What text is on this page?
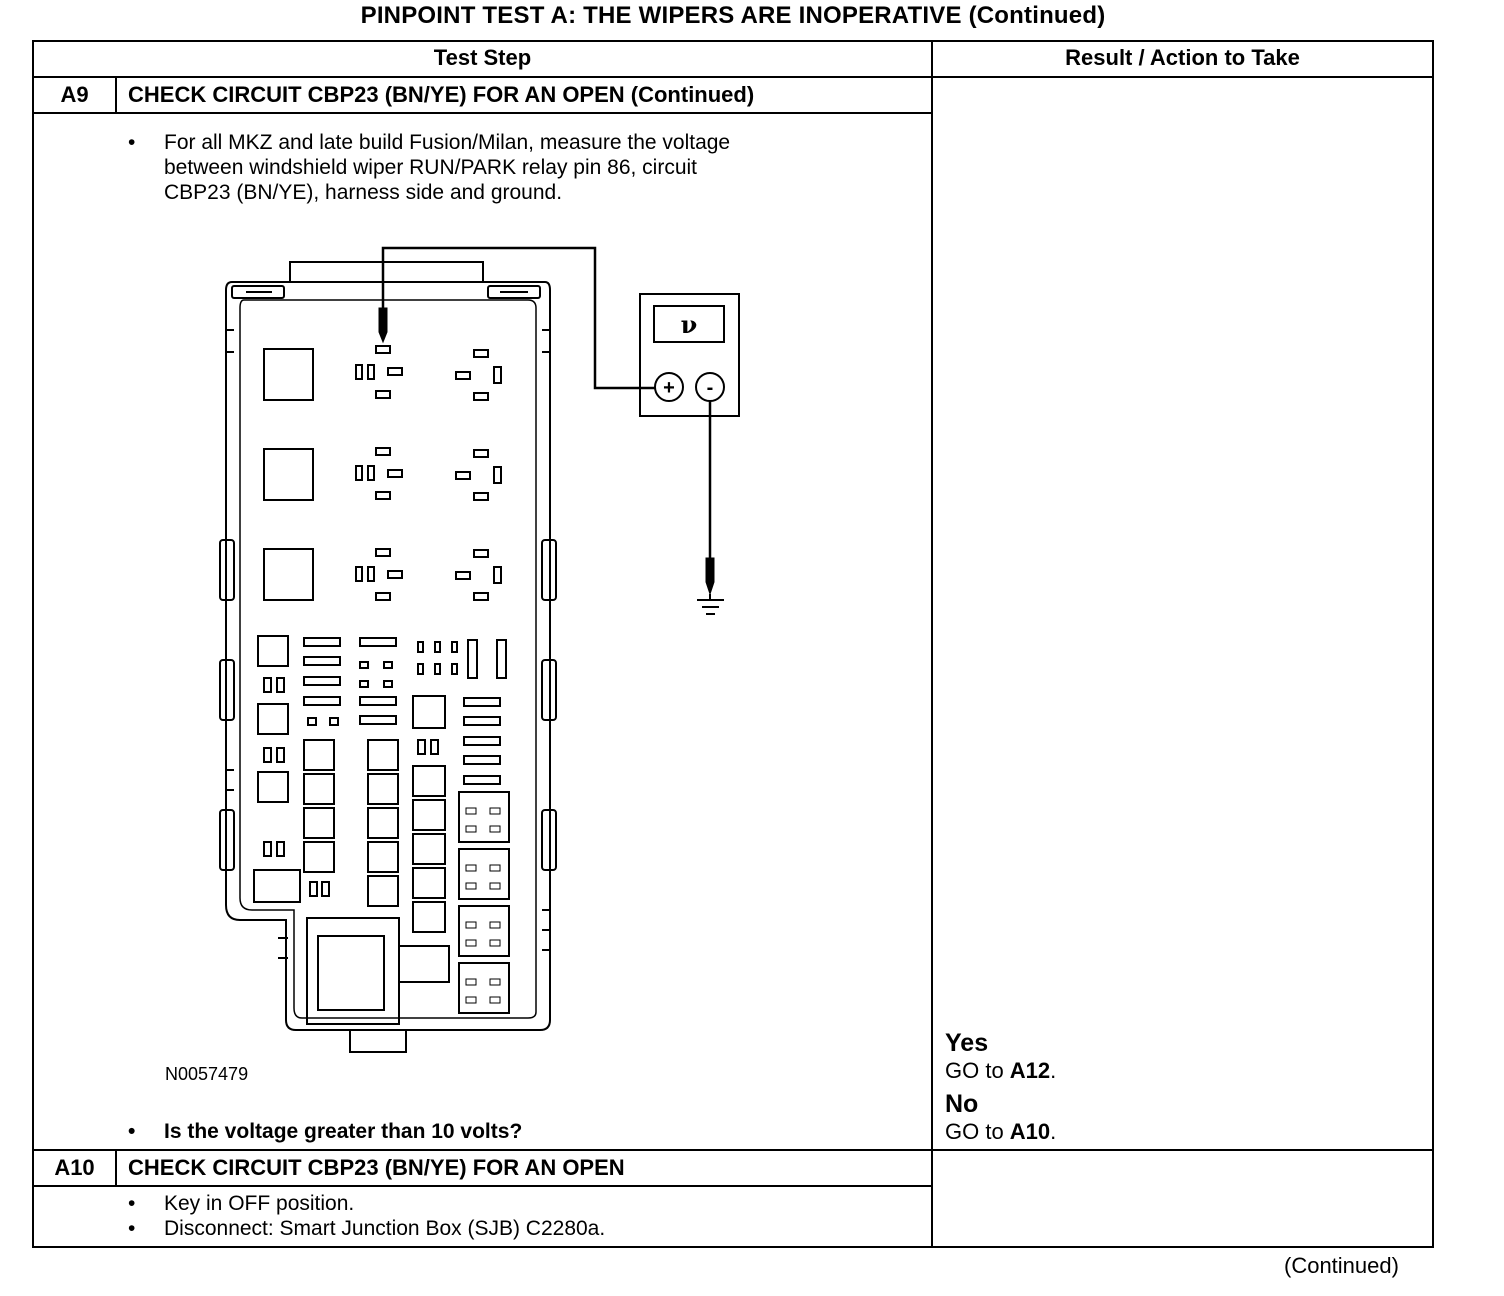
PINPOINT TEST A: THE WIPERS ARE INOPERATIVE (Continued)
Test Step	Result / Action to Take
A9	CHECK CIRCUIT CBP23 (BN/YE) FOR AN OPEN (Continued)
• For all MKZ and late build Fusion/Milan, measure the voltage
between windshield wiper RUN/PARK relay pin 86, circuit
CBP23 (BN/YE), harness side and ground.
+ -
ν
N0057479
• Is the voltage greater than 10 volts?
Yes
GO to A12.
No
GO to A10.
A10	CHECK CIRCUIT CBP23 (BN/YE) FOR AN OPEN
• Key in OFF position.
• Disconnect: Smart Junction Box (SJB) C2280a.
(Continued)
